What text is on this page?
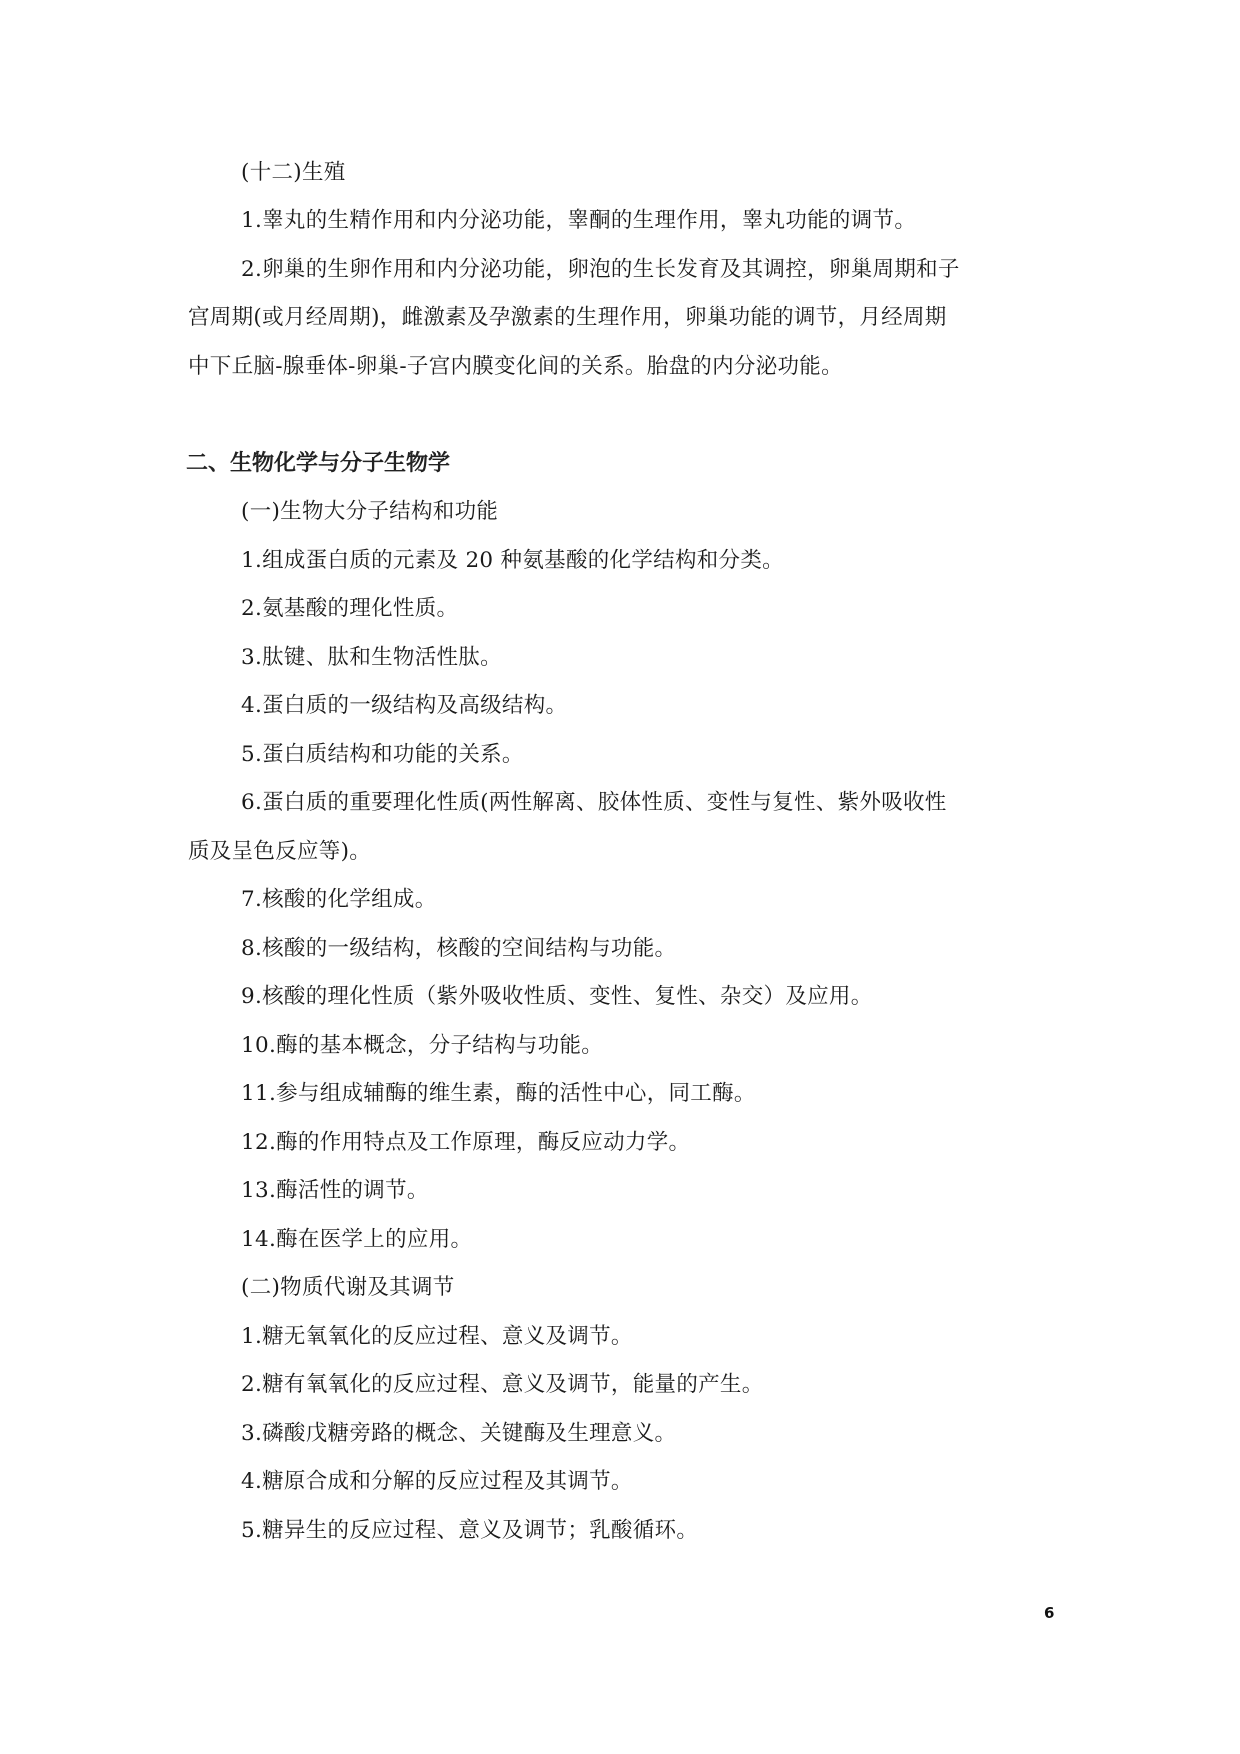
(十二)生殖
1.睾丸的生精作用和内分泌功能，睾酮的生理作用，睾丸功能的调节。
2.卵巢的生卵作用和内分泌功能，卵泡的生长发育及其调控，卵巢周期和子
宫周期(或月经周期)，雌激素及孕激素的生理作用，卵巢功能的调节，月经周期
中下丘脑-腺垂体-卵巢-子宫内膜变化间的关系。胎盘的内分泌功能。
二、生物化学与分子生物学
(一)生物大分子结构和功能
1.组成蛋白质的元素及 20 种氨基酸的化学结构和分类。
2.氨基酸的理化性质。
3.肽键、肽和生物活性肽。
4.蛋白质的一级结构及高级结构。
5.蛋白质结构和功能的关系。
6.蛋白质的重要理化性质(两性解离、胶体性质、变性与复性、紫外吸收性
质及呈色反应等)。
7.核酸的化学组成。
8.核酸的一级结构，核酸的空间结构与功能。
9.核酸的理化性质（紫外吸收性质、变性、复性、杂交）及应用。
10.酶的基本概念，分子结构与功能。
11.参与组成辅酶的维生素，酶的活性中心，同工酶。
12.酶的作用特点及工作原理，酶反应动力学。
13.酶活性的调节。
14.酶在医学上的应用。
(二)物质代谢及其调节
1.糖无氧氧化的反应过程、意义及调节。
2.糖有氧氧化的反应过程、意义及调节，能量的产生。
3.磷酸戊糖旁路的概念、关键酶及生理意义。
4.糖原合成和分解的反应过程及其调节。
5.糖异生的反应过程、意义及调节；乳酸循环。
6
